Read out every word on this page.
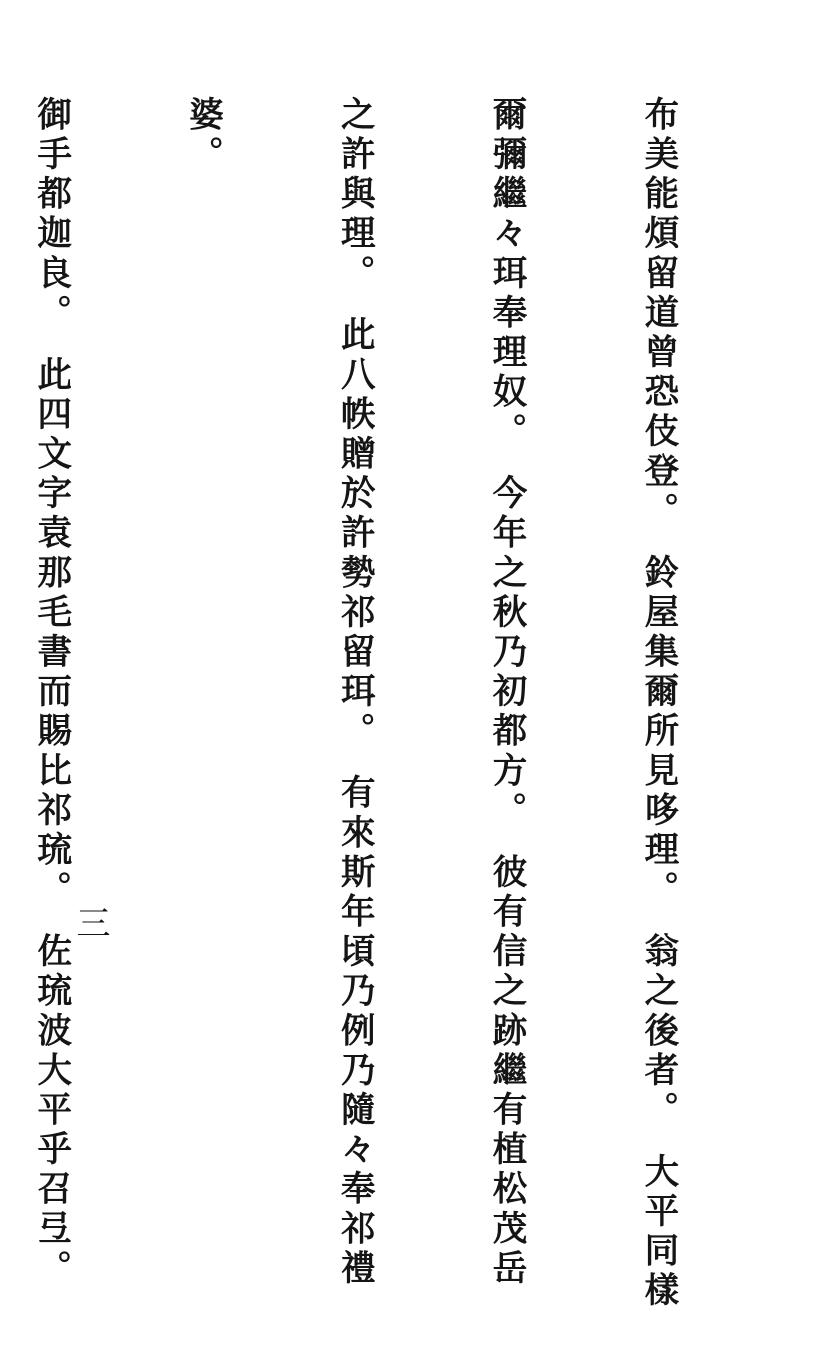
布美能煩留道曾恐伎登。　鈴屋集爾所見哆理。　翁之後者。　大平同樣

爾彌繼々珥奉理奴。　今年之秋乃初都方。　彼有信之跡繼有植松茂岳

之許與理。　此八帙贈於許勢祁留珥。　有來斯年頃乃例乃隨々奉祁禮

婆。

御手都迦良。　此四文字袁那毛書而賜比祁琉。　佐琉波大平乎召弖。

三
